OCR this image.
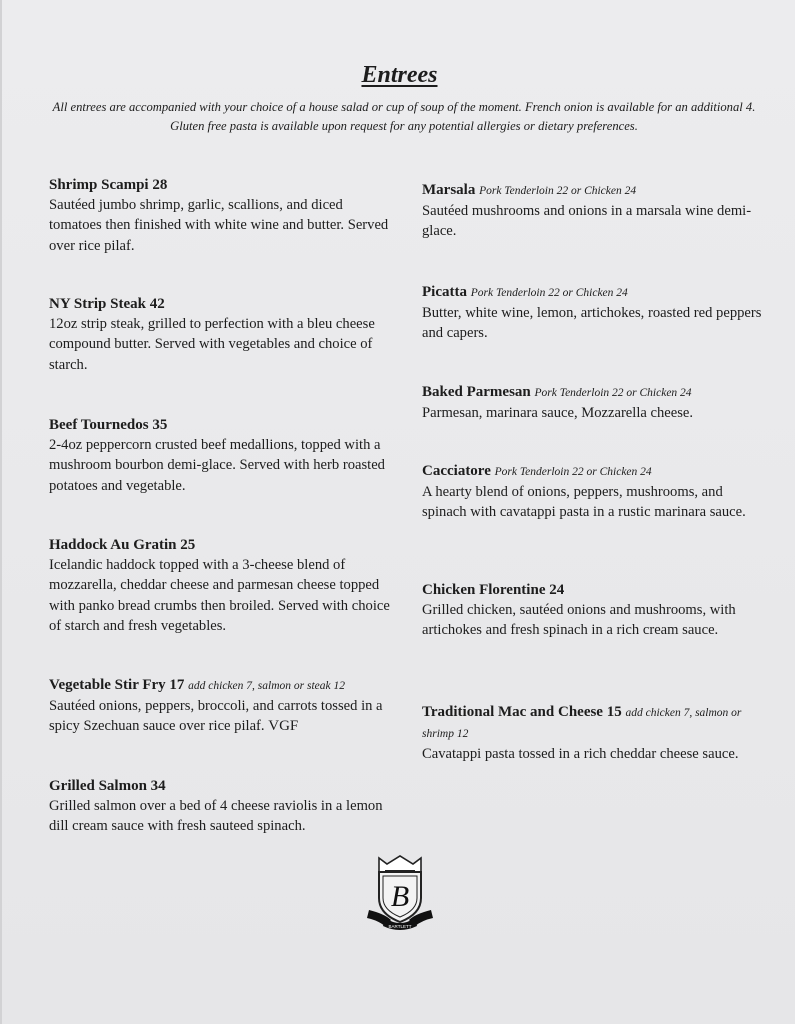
Entrees
All entrees are accompanied with your choice of a house salad or cup of soup of the moment. French onion is available for an additional 4. Gluten free pasta is available upon request for any potential allergies or dietary preferences.
Shrimp Scampi 28
Sautéed jumbo shrimp, garlic, scallions, and diced tomatoes then finished with white wine and butter. Served over rice pilaf.
NY Strip Steak 42
12oz strip steak, grilled to perfection with a bleu cheese compound butter. Served with vegetables and choice of starch.
Beef Tournedos 35
2-4oz peppercorn crusted beef medallions, topped with a mushroom bourbon demi-glace. Served with herb roasted potatoes and vegetable.
Haddock Au Gratin 25
Icelandic haddock topped with a 3-cheese blend of mozzarella, cheddar cheese and parmesan cheese topped with panko bread crumbs then broiled. Served with choice of starch and fresh vegetables.
Vegetable Stir Fry 17 add chicken 7, salmon or steak 12
Sautéed onions, peppers, broccoli, and carrots tossed in a spicy Szechuan sauce over rice pilaf. VGF
Grilled Salmon 34
Grilled salmon over a bed of 4 cheese raviolis in a lemon dill cream sauce with fresh sauteed spinach.
Marsala Pork Tenderloin 22 or Chicken 24
Sautéed mushrooms and onions in a marsala wine demi-glace.
Picatta Pork Tenderloin 22 or Chicken 24
Butter, white wine, lemon, artichokes, roasted red peppers and capers.
Baked Parmesan Pork Tenderloin 22 or Chicken 24
Parmesan, marinara sauce, Mozzarella cheese.
Cacciatore Pork Tenderloin 22 or Chicken 24
A hearty blend of onions, peppers, mushrooms, and spinach with cavatappi pasta in a rustic marinara sauce.
Chicken Florentine 24
Grilled chicken, sautéed onions and mushrooms, with artichokes and fresh spinach in a rich cream sauce.
Traditional Mac and Cheese 15 add chicken 7, salmon or shrimp 12
Cavatappi pasta tossed in a rich cheddar cheese sauce.
B
BARTLETT
